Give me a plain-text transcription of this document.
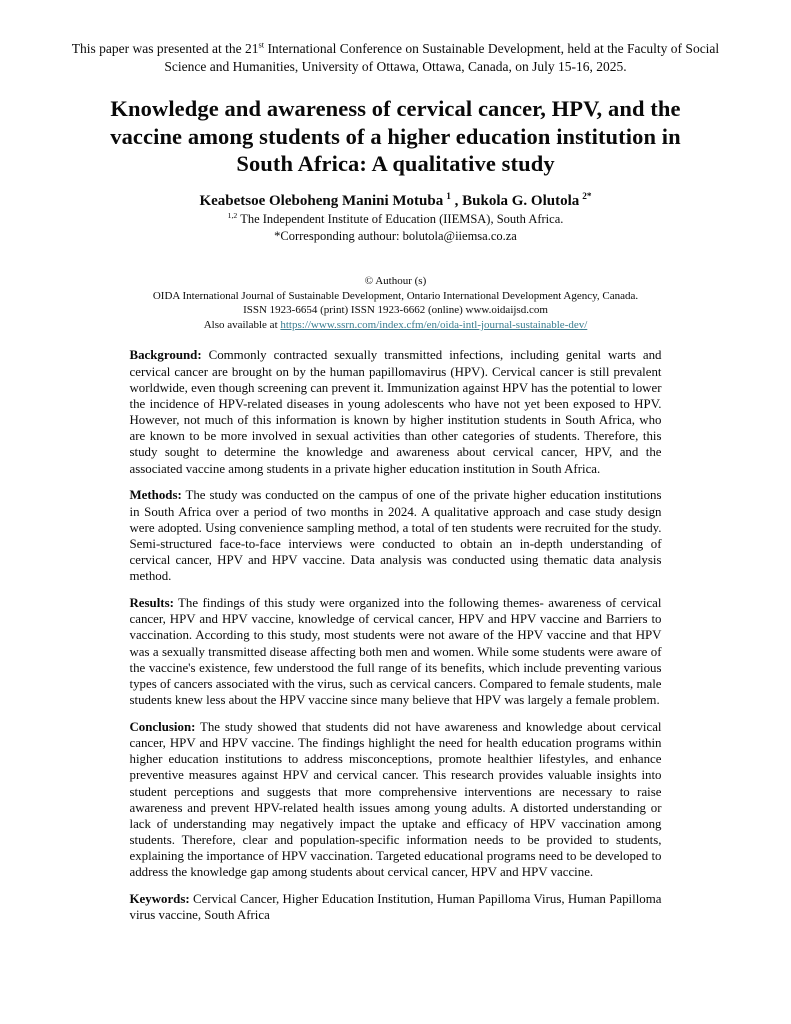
This paper was presented at the 21st International Conference on Sustainable Development, held at the Faculty of Social Science and Humanities, University of Ottawa, Ottawa, Canada, on July 15-16, 2025.

Knowledge and awareness of cervical cancer, HPV, and the vaccine among students of a higher education institution in South Africa: A qualitative study

Keabetsoe Oleboheng Manini Motuba $^1$ , Bukola G. Olutola $^{2*}$

$^{1,2}$ The Independent Institute of Education (IIEMSA), South Africa.

*Corresponding authour: bolutola@iiemsa.co.za

© Authour (s)

OIDA International Journal of Sustainable Development, Ontario International Development Agency, Canada.

ISSN 1923-6654 (print) ISSN 1923-6662 (online) www.oidaijsd.com

Also available at https://www.ssrn.com/index.cfm/en/oida-intl-journal-sustainable-dev/

Background: Commonly contracted sexually transmitted infections, including genital warts and cervical cancer are brought on by the human papillomavirus (HPV). Cervical cancer is still prevalent worldwide, even though screening can prevent it. Immunization against HPV has the potential to lower the incidence of HPV-related diseases in young adolescents who have not yet been exposed to HPV. However, not much of this information is known by higher institution students in South Africa, who are known to be more involved in sexual activities than other categories of students. Therefore, this study sought to determine the knowledge and awareness about cervical cancer, HPV, and the associated vaccine among students in a private higher education institution in South Africa.

Methods: The study was conducted on the campus of one of the private higher education institutions in South Africa over a period of two months in 2024. A qualitative approach and case study design were adopted. Using convenience sampling method, a total of ten students were recruited for the study. Semi-structured face-to-face interviews were conducted to obtain an in-depth understanding of cervical cancer, HPV and HPV vaccine. Data analysis was conducted using thematic data analysis method.

Results: The findings of this study were organized into the following themes- awareness of cervical cancer, HPV and HPV vaccine, knowledge of cervical cancer, HPV and HPV vaccine and Barriers to vaccination. According to this study, most students were not aware of the HPV vaccine and that HPV was a sexually transmitted disease affecting both men and women. While some students were aware of the vaccine's existence, few understood the full range of its benefits, which include preventing various types of cancers associated with the virus, such as cervical cancers. Compared to female students, male students knew less about the HPV vaccine since many believe that HPV was largely a female problem.

Conclusion: The study showed that students did not have awareness and knowledge about cervical cancer, HPV and HPV vaccine. The findings highlight the need for health education programs within higher education institutions to address misconceptions, promote healthier lifestyles, and enhance preventive measures against HPV and cervical cancer. This research provides valuable insights into student perceptions and suggests that more comprehensive interventions are necessary to raise awareness and prevent HPV-related health issues among young adults. A distorted understanding or lack of understanding may negatively impact the uptake and efficacy of HPV vaccination among students. Therefore, clear and population-specific information needs to be provided to students, explaining the importance of HPV vaccination. Targeted educational programs need to be developed to address the knowledge gap among students about cervical cancer, HPV and HPV vaccine.

Keywords: Cervical Cancer, Higher Education Institution, Human Papilloma Virus, Human Papilloma virus vaccine, South Africa
